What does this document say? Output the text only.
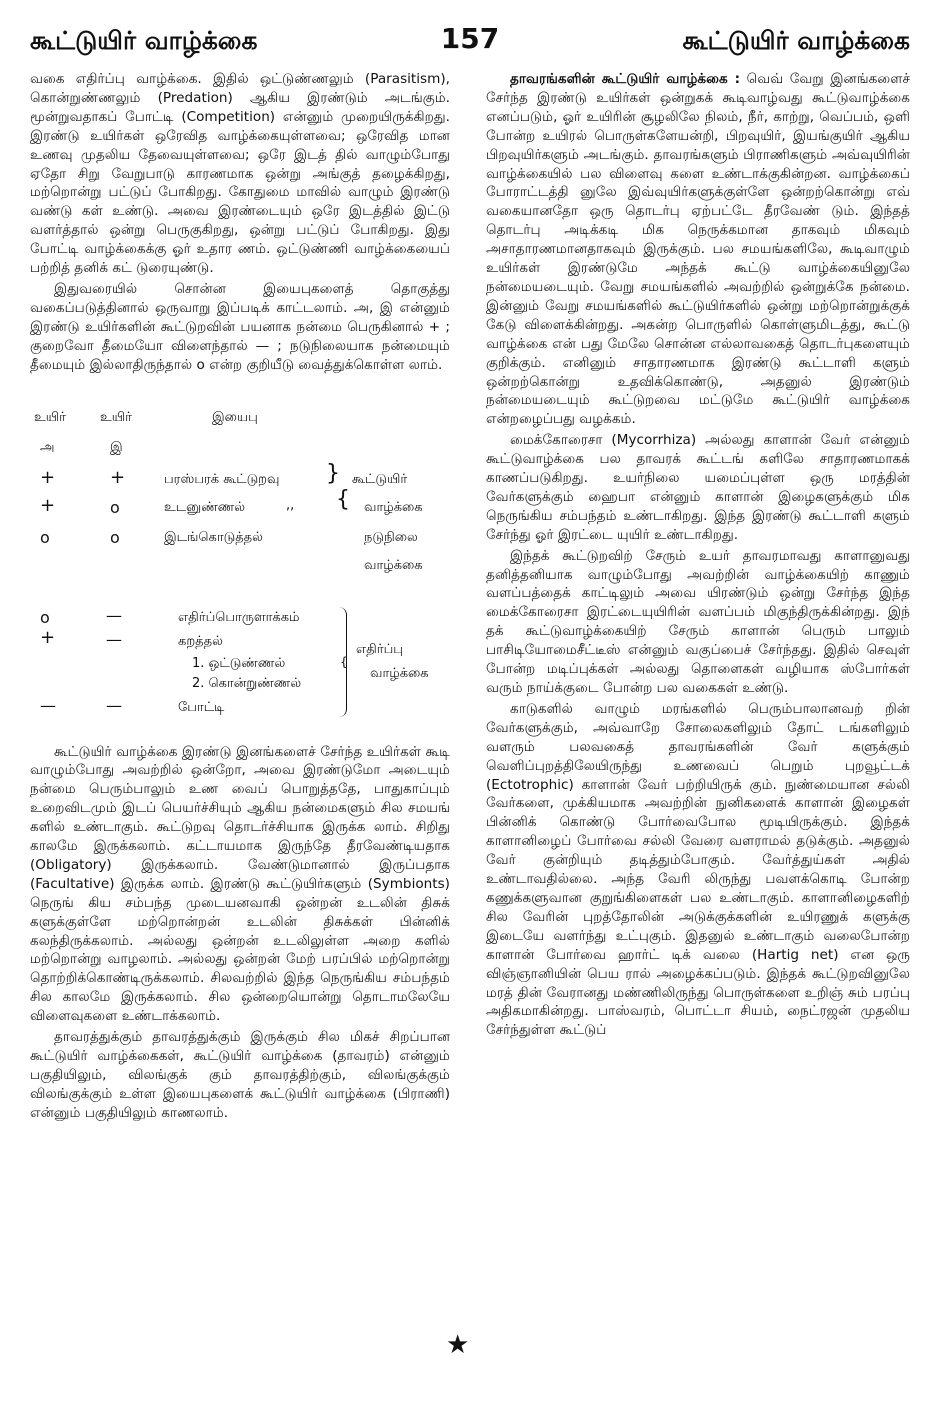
கூட்டுயிர் வாழ்க்கை	157	கூட்டுயிர் வாழ்க்கை

வகை எதிர்ப்பு வாழ்க்கை. இதில் ஒட்டுண்ணலும் (Parasitism), கொன்றுண்ணலும் (Predation) ஆகிய இரண்டும் அடங்கும். மூன்றுவதாகப் போட்டி (Competition) என்னும் முறையிருக்கிறது. இரண்டு உயிர்கள் ஒரேவித வாழ்க்கையுள்ளவை; ஒரேவித மான உணவு முதலிய தேவையுள்ளவை; ஒரே இடத் தில் வாழும்போது ஏதோ சிறு வேறுபாடு காரணமாக ஒன்று அங்குத் தழைக்கிறது, மற்றொன்று பட்டுப் போகிறது. கோதுமை மாவில் வாழும் இரண்டு வண்டு கள் உண்டு. அவை இரண்டையும் ஒரே இடத்தில் இட்டு வளர்த்தால் ஒன்று பெருகுகிறது, ஒன்று பட்டுப் போகிறது. இது போட்டி வாழ்க்கைக்கு ஓர் உதார ணம். ஒட்டுண்ணி வாழ்க்கையைப் பற்றித் தனிக் கட் டுரையுண்டு.

இதுவரையில் சொன்ன இயைபுகளைத் தொகுத்து வகைப்படுத்தினால் ஒருவாறு இப்படிக் காட்டலாம். அ, இ என்னும் இரண்டு உயிர்களின் கூட்டுறவின் பயனாக நன்மை பெருகினால் + ; குறைவோ தீமையோ விளைந்தால் — ; நடுநிலையாக நன்மையும் தீமையும் இல்லாதிருந்தால் o என்ற குறியீடு வைத்துக்கொள்ள லாம்.

உயிர்	உயிர்	இயைபு
அ	இ
+	+	பரஸ்பரக் கூட்டுறவு } கூட்டுயிர்
+	o	உடனுண்ணல்	,, { வாழ்க்கை
o	o	இடங்கொடுத்தல்	நடுநிலை
வாழ்க்கை
o	—	எதிர்ப்பொருளாக்கம்
+	—	கறத்தல்
1. ஒட்டுண்ணல்
2. கொன்றுண்ணல்
—	—	போட்டி
{
எதிர்ப்பு
வாழ்க்கை

கூட்டுயிர் வாழ்க்கை இரண்டு இனங்களைச் சேர்ந்த உயிர்கள் கூடி வாழும்போது அவற்றில் ஒன்றோ, அவை இரண்டுமோ அடையும் நன்மை பெரும்பாலும் உண வைப் பொறுத்ததே, பாதுகாப்பும் உறைவிடமும் இடப் பெயர்ச்சியும் ஆகிய நன்மைகளும் சில சமயங் களில் உண்டாகும். கூட்டுறவு தொடர்ச்சியாக இருக்க லாம். சிறிது காலமே இருக்கலாம். கட்டாயமாக இருந்தே தீரவேண்டியதாக (Obligatory) இருக்கலாம். வேண்டுமானால் இருப்பதாக (Facultative) இருக்க லாம். இரண்டு கூட்டுயிர்களும் (Symbionts) நெருங் கிய சம்பந்த முடையனவாகி ஒன்றன் உடலின் திசுக் களுக்குள்ளே மற்றொன்றன் உடலின் திசுக்கள் பின்னிக் கலந்திருக்கலாம். அல்லது ஒன்றன் உடலிலுள்ள அறை களில் மற்றொன்று வாழலாம். அல்லது ஒன்றன் மேற் பரப்பில் மற்றொன்று தொற்றிக்கொண்டிருக்கலாம். சிலவற்றில் இந்த நெருங்கிய சம்பந்தம் சில காலமே இருக்கலாம். சில ஒன்றையொன்று தொடாமலேயே விளைவுகளை உண்டாக்கலாம்.

தாவரத்துக்கும் தாவரத்துக்கும் இருக்கும் சில மிகச் சிறப்பான கூட்டுயிர் வாழ்க்கைகள், கூட்டுயிர் வாழ்க்கை (தாவரம்) என்னும் பகுதியிலும், விலங்குக் கும் தாவரத்திற்கும், விலங்குக்கும் விலங்குக்கும் உள்ள இயைபுகளைக் கூட்டுயிர் வாழ்க்கை (பிராணி) என்னும் பகுதியிலும் காணலாம்.

தாவரங்களின் கூட்டுயிர் வாழ்க்கை : வெவ் வேறு இனங்களைச் சேர்ந்த இரண்டு உயிர்கள் ஒன்றுகக் கூடிவாழ்வது கூட்டுவாழ்க்கை எனப்படும், ஓர் உயிரின் சூழலிலே நிலம், நீர், காற்று, வெப்பம், ஒளி போன்ற உயிரல் பொருள்களேயன்றி, பிறவுயிர், இயங்குயிர் ஆகிய பிறவுயிர்களும் அடங்கும். தாவரங்களும் பிராணிகளும் அவ்வுயிரின் வாழ்க்கையில் பல விளைவு களை உண்டாக்குகின்றன. வாழ்க்கைப் போராட்டத்தி னுலே இவ்வுயிர்களுக்குள்ளே ஒன்றற்கொன்று எவ் வகையானதோ ஒரு தொடர்பு ஏற்பட்டே தீரவேண் டும். இந்தத் தொடர்பு அடிக்கடி மிக நெருக்கமான தாகவும் மிகவும் அசாதாரணமானதாகவும் இருக்கும். பல சமயங்களிலே, கூடிவாழும் உயிர்கள் இரண்டுமே அந்தக் கூட்டு வாழ்க்கையினுலே நன்மையடையும். வேறு சமயங்களில் அவற்றில் ஒன்றுக்கே நன்மை. இன்னும் வேறு சமயங்களில் கூட்டுயிர்களில் ஒன்று மற்றொன்றுக்குக் கேடு விளைக்கின்றது. அகன்ற பொருளில் கொள்ளுமிடத்து, கூட்டு வாழ்க்கை என் பது மேலே சொன்ன எல்லாவகைத் தொடர்புகளையும் குறிக்கும். எனினும் சாதாரணமாக இரண்டு கூட்டாளி களும் ஒன்றற்கொன்று உதவிக்கொண்டு, அதனுல் இரண்டும் நன்மையடையும் கூட்டுறவை மட்டுமே கூட்டுயிர் வாழ்க்கை என்றழைப்பது வழக்கம்.

மைக்கோரைசா (Mycorrhiza) அல்லது காளான் வேர் என்னும் கூட்டுவாழ்க்கை பல தாவரக் கூட்டங் களிலே சாதாரணமாகக் காணப்படுகிறது. உயர்நிலை யமைப்புள்ள ஒரு மரத்தின் வேர்களுக்கும் ஹைபா என்னும் காளான் இழைகளுக்கும் மிக நெருங்கிய சம்பந்தம் உண்டாகிறது. இந்த இரண்டு கூட்டாளி களும் சேர்ந்து ஓர் இரட்டை யுயிர் உண்டாகிறது.

இந்தக் கூட்டுறவிற் சேரும் உயர் தாவரமாவது காளானுவது தனித்தனியாக வாழும்போது அவற்றின் வாழ்க்கையிற் காணும் வளப்பத்தைக் காட்டிலும் அவை யிரண்டும் ஒன்று சேர்ந்த இந்த மைக்கோரைசா இரட்டையுயிரின் வளப்பம் மிகுந்திருக்கின்றது. இந் தக் கூட்டுவாழ்க்கையிற் சேரும் காளான் பெரும் பாலும் பாசிடியோமைசீட்டீஸ் என்னும் வகுப்பைச் சேர்ந்தது. இதில் செவுள் போன்ற மடிப்புக்கள் அல்லது தொளைகள் வழியாக ஸ்போர்கள் வரும் நாய்க்குடை போன்ற பல வகைகள் உண்டு.

காடுகளில் வாழும் மரங்களில் பெரும்பாலானவற் றின் வேர்களுக்கும், அவ்வாறே சோலைகளிலும் தோட் டங்களிலும் வளரும் பலவகைத் தாவரங்களின் வேர் களுக்கும் வெளிப்புறத்திலேயிருந்து உணவைப் பெறும் புறவூட்டக் (Ectotrophic) காளான் வேர் பற்றியிருக் கும். நுண்மையான சல்லி வேர்களை, முக்கியமாக அவற்றின் நுனிகளைக் காளான் இழைகள் பின்னிக் கொண்டு போர்வைபோல மூடியிருக்கும். இந்தக் காளானிழைப் போர்வை சல்லி வேரை வளராமல் தடுக்கும். அதனுல் வேர் குன்றியும் தடித்தும்போகும். வேர்த்துய்கள் அதில் உண்டாவதில்லை. அந்த வேரி லிருந்து பவளக்கொடி போன்ற கணுக்களுவான குறுங்கிளைகள் பல உண்டாகும். காளானிழைகளிற் சில வேரின் புறத்தோலின் அடுக்குக்களின் உயிரணுக் களுக்கு இடையே வளர்ந்து உட்புகும். இதனுல் உண்டாகும் வலைபோன்ற காளான் போர்வை ஹார்ட் டிக் வலை (Hartig net) என ஒரு விஞ்ஞானியின் பெய ரால் அழைக்கப்படும். இந்தக் கூட்டுறவினுலே மரத் தின் வேரானது மண்ணிலிருந்து பொருள்களை உறிஞ் சும் பரப்பு அதிகமாகின்றது. பாஸ்வரம், பொட்டா சியம், நைட்ரஜன் முதலிய சேர்ந்துள்ள கூட்டுப்

★
